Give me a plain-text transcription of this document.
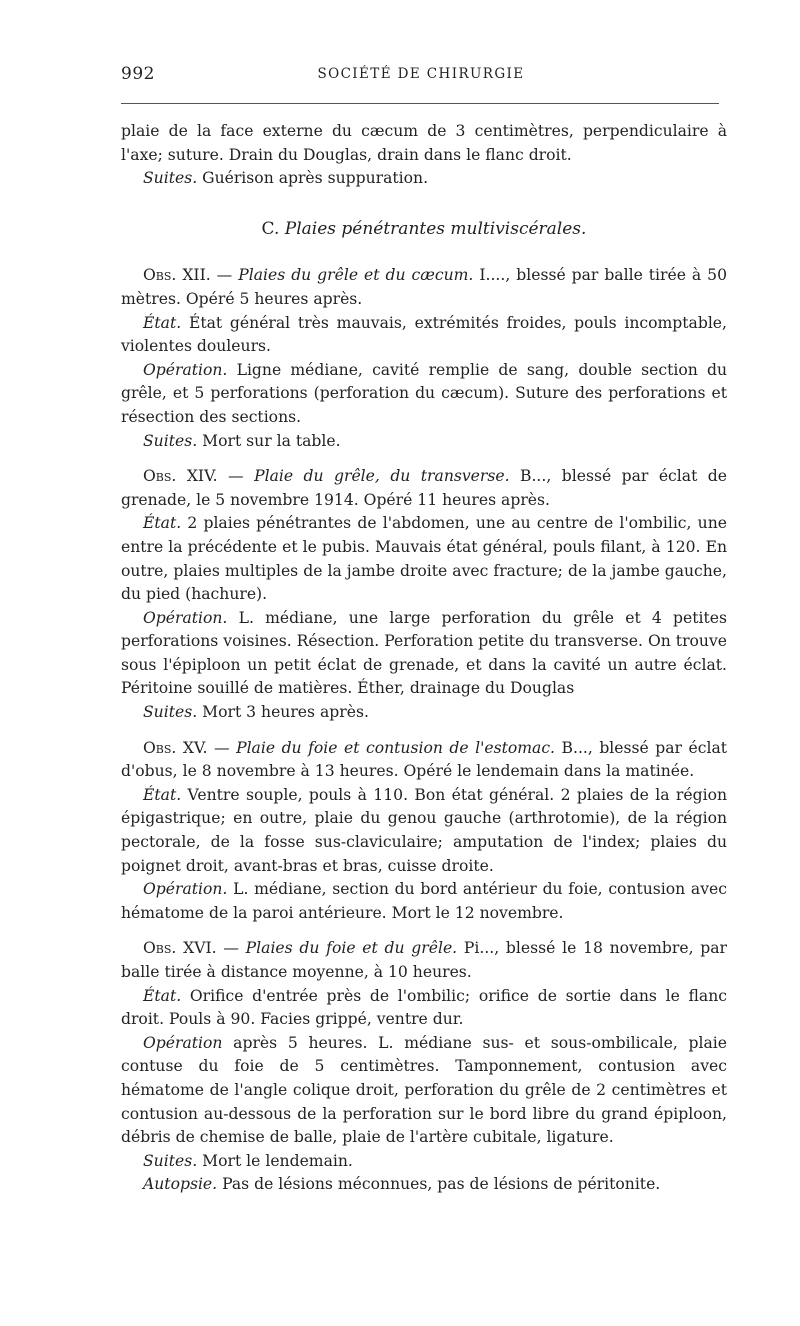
992	SOCIÉTÉ DE CHIRURGIE

plaie de la face externe du cæcum de 3 centimètres, perpendiculaire à l'axe; suture. Drain du Douglas, drain dans le flanc droit.

Suites. Guérison après suppuration.

C. Plaies pénétrantes multiviscérales.

Obs. XII. — Plaies du grêle et du cæcum. I...., blessé par balle tirée à 50 mètres. Opéré 5 heures après.

État. État général très mauvais, extrémités froides, pouls incomptable, violentes douleurs.

Opération. Ligne médiane, cavité remplie de sang, double section du grêle, et 5 perforations (perforation du cæcum). Suture des perforations et résection des sections.

Suites. Mort sur la table.

Obs. XIV. — Plaie du grêle, du transverse. B..., blessé par éclat de grenade, le 5 novembre 1914. Opéré 11 heures après.

État. 2 plaies pénétrantes de l'abdomen, une au centre de l'ombilic, une entre la précédente et le pubis. Mauvais état général, pouls filant, à 120. En outre, plaies multiples de la jambe droite avec fracture; de la jambe gauche, du pied (hachure).

Opération. L. médiane, une large perforation du grêle et 4 petites perforations voisines. Résection. Perforation petite du transverse. On trouve sous l'épiploon un petit éclat de grenade, et dans la cavité un autre éclat. Péritoine souillé de matières. Éther, drainage du Douglas

Suites. Mort 3 heures après.

Obs. XV. — Plaie du foie et contusion de l'estomac. B..., blessé par éclat d'obus, le 8 novembre à 13 heures. Opéré le lendemain dans la matinée.

État. Ventre souple, pouls à 110. Bon état général. 2 plaies de la région épigastrique; en outre, plaie du genou gauche (arthrotomie), de la région pectorale, de la fosse sus-claviculaire; amputation de l'index; plaies du poignet droit, avant-bras et bras, cuisse droite.

Opération. L. médiane, section du bord antérieur du foie, contusion avec hématome de la paroi antérieure. Mort le 12 novembre.

Obs. XVI. — Plaies du foie et du grêle. Pi..., blessé le 18 novembre, par balle tirée à distance moyenne, à 10 heures.

État. Orifice d'entrée près de l'ombilic; orifice de sortie dans le flanc droit. Pouls à 90. Facies grippé, ventre dur.

Opération après 5 heures. L. médiane sus- et sous-ombilicale, plaie contuse du foie de 5 centimètres. Tamponnement, contusion avec hématome de l'angle colique droit, perforation du grêle de 2 centimètres et contusion au-dessous de la perforation sur le bord libre du grand épiploon, débris de chemise de balle, plaie de l'artère cubitale, ligature.

Suites. Mort le lendemain.

Autopsie. Pas de lésions méconnues, pas de lésions de péritonite.
